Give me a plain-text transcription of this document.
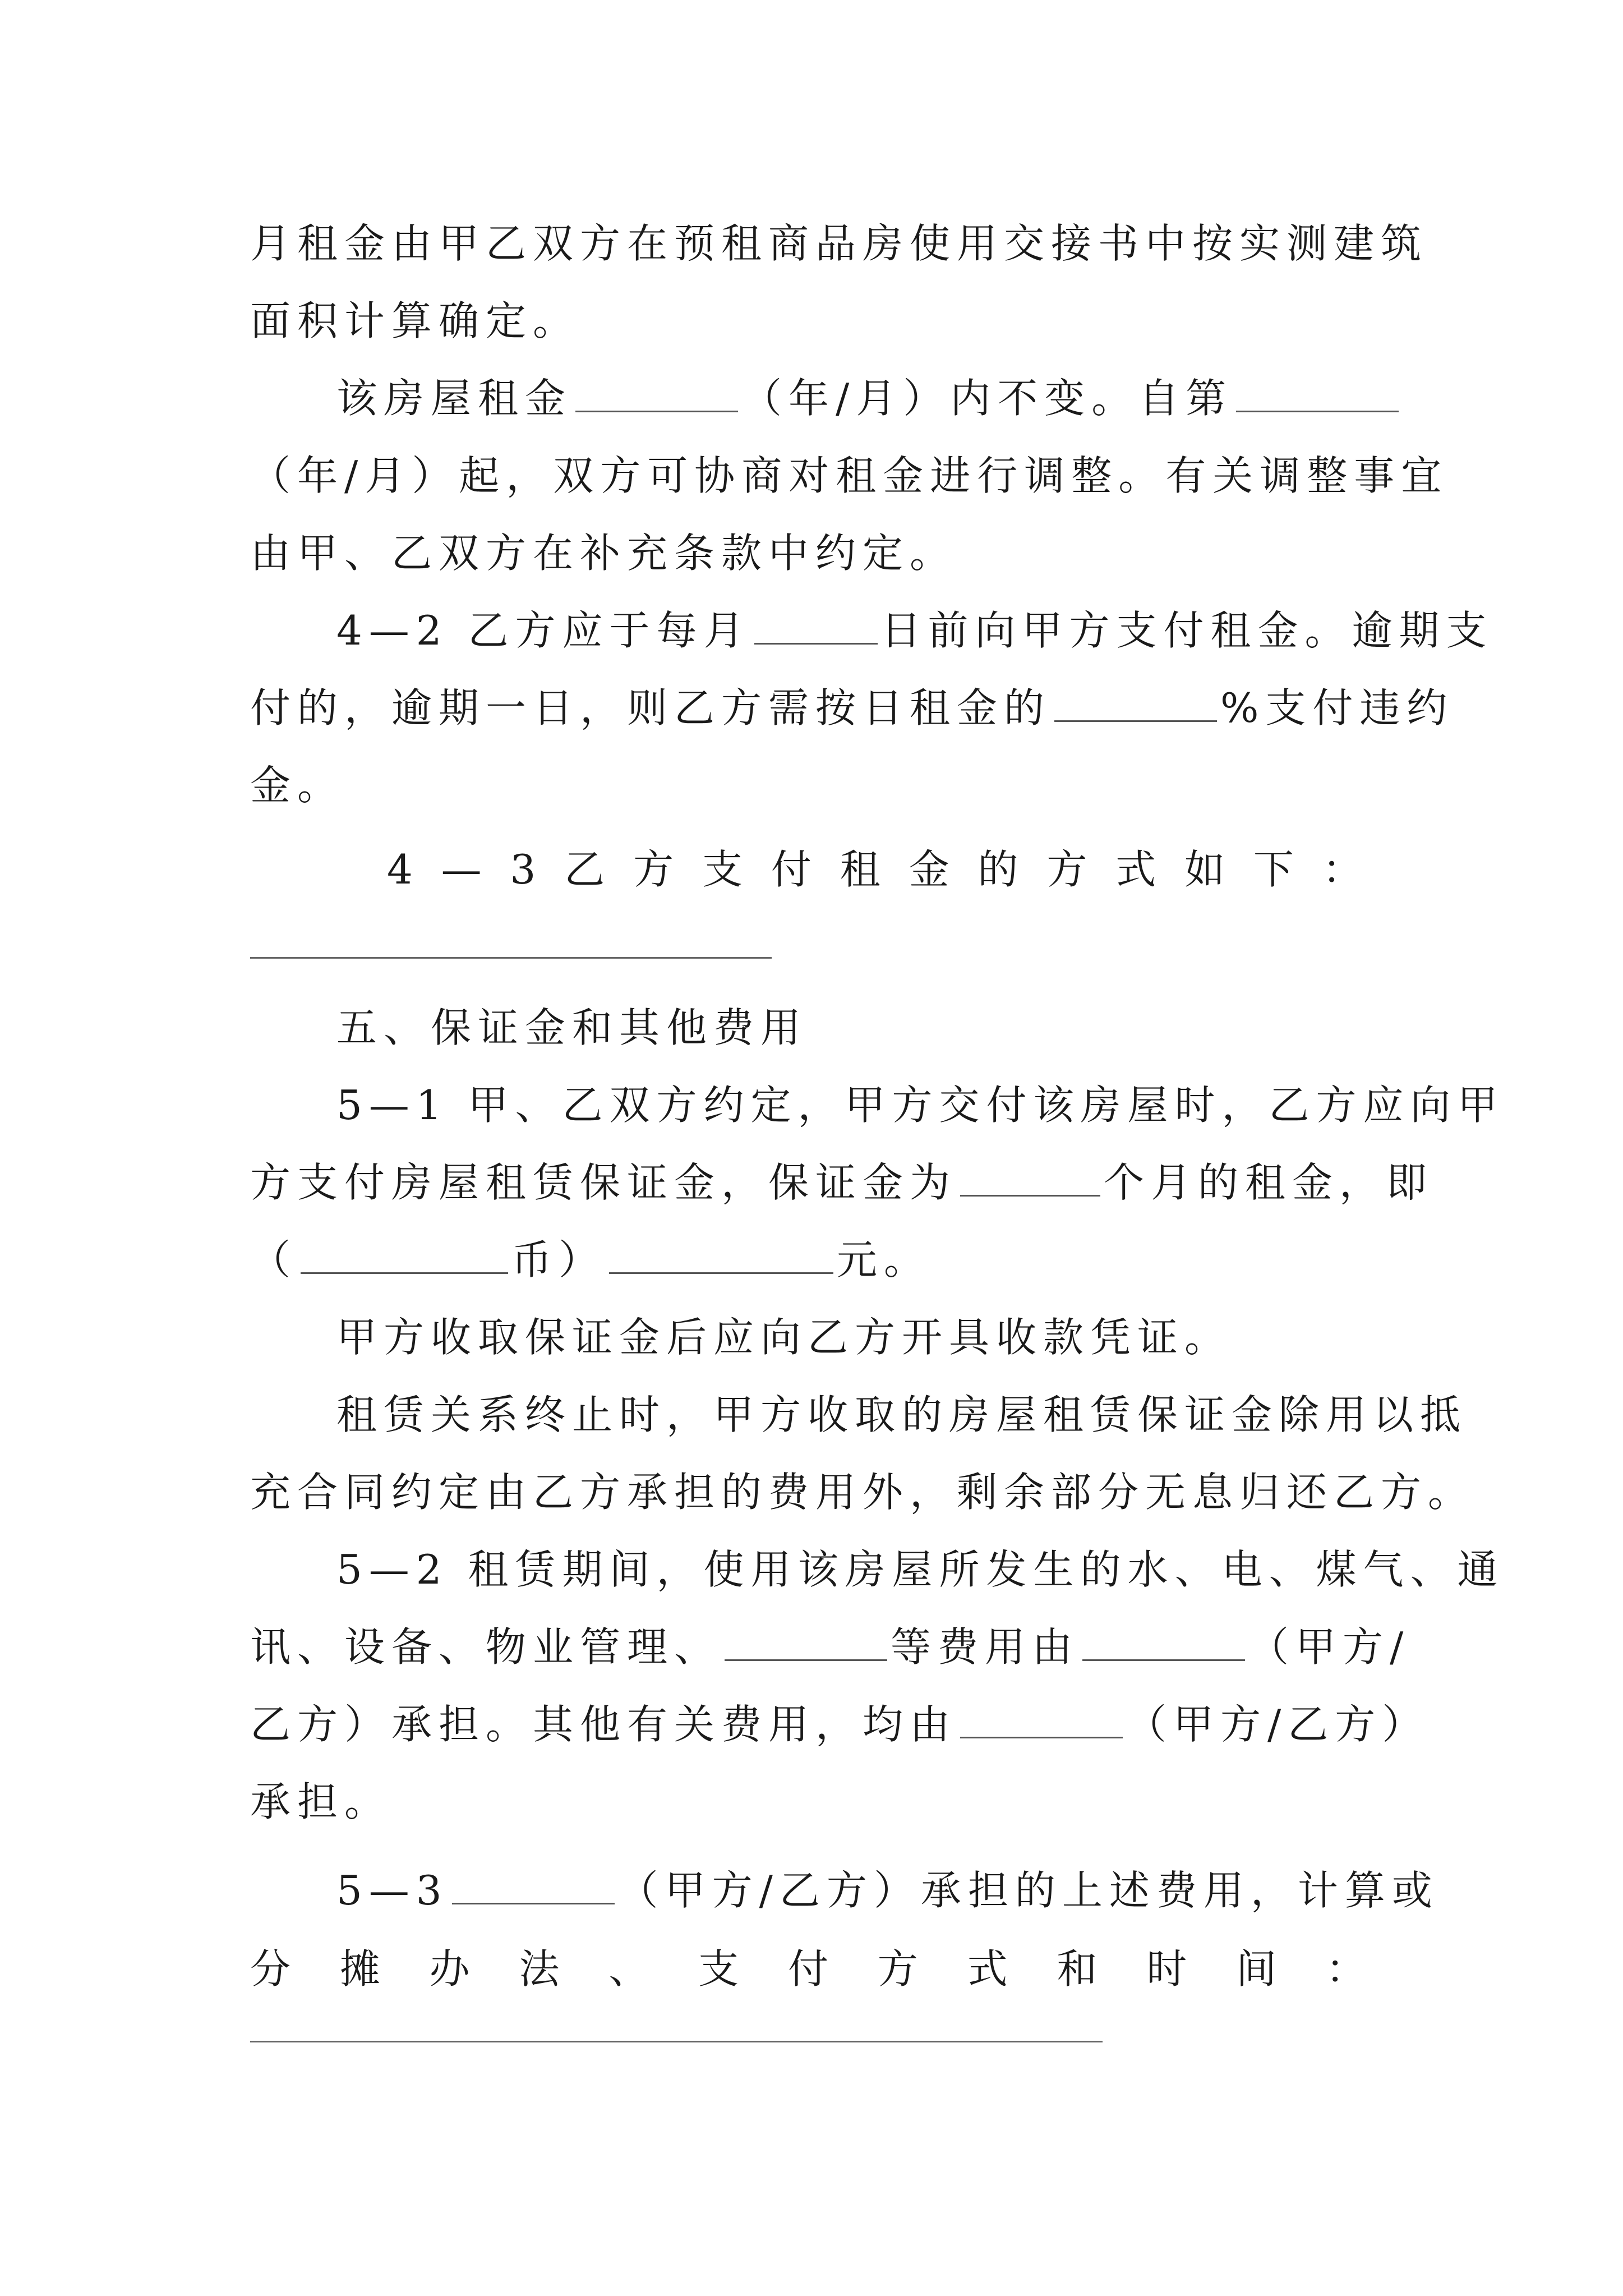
月租金由甲乙双方在预租商品房使用交接书中按实测建筑
面积计算确定。
该房屋租金	（年/月）内不变。自第
（年/月）起，双方可协商对租金进行调整。有关调整事宜
由甲、乙双方在补充条款中约定。
4—2 乙方应于每月	日前向甲方支付租金。逾期支
付的，逾期一日，则乙方需按日租金的	%支付违约
金。
4 — 3 乙 方 支 付 租 金 的 方 式 如 下 ：
五、保证金和其他费用
5—1 甲、乙双方约定，甲方交付该房屋时，乙方应向甲
方支付房屋租赁保证金，保证金为	个月的租金，即
（	币）	元。
甲方收取保证金后应向乙方开具收款凭证。
租赁关系终止时，甲方收取的房屋租赁保证金除用以抵
充合同约定由乙方承担的费用外，剩余部分无息归还乙方。
5—2 租赁期间，使用该房屋所发生的水、电、煤气、通
讯、设备、物业管理、	等费用由	（甲方/
乙方）承担。其他有关费用，均由	（甲方/乙方）
承担。
5—3	（甲方/乙方）承担的上述费用，计算或
分 摊 办 法 、 支 付 方 式 和 时 间 ：
